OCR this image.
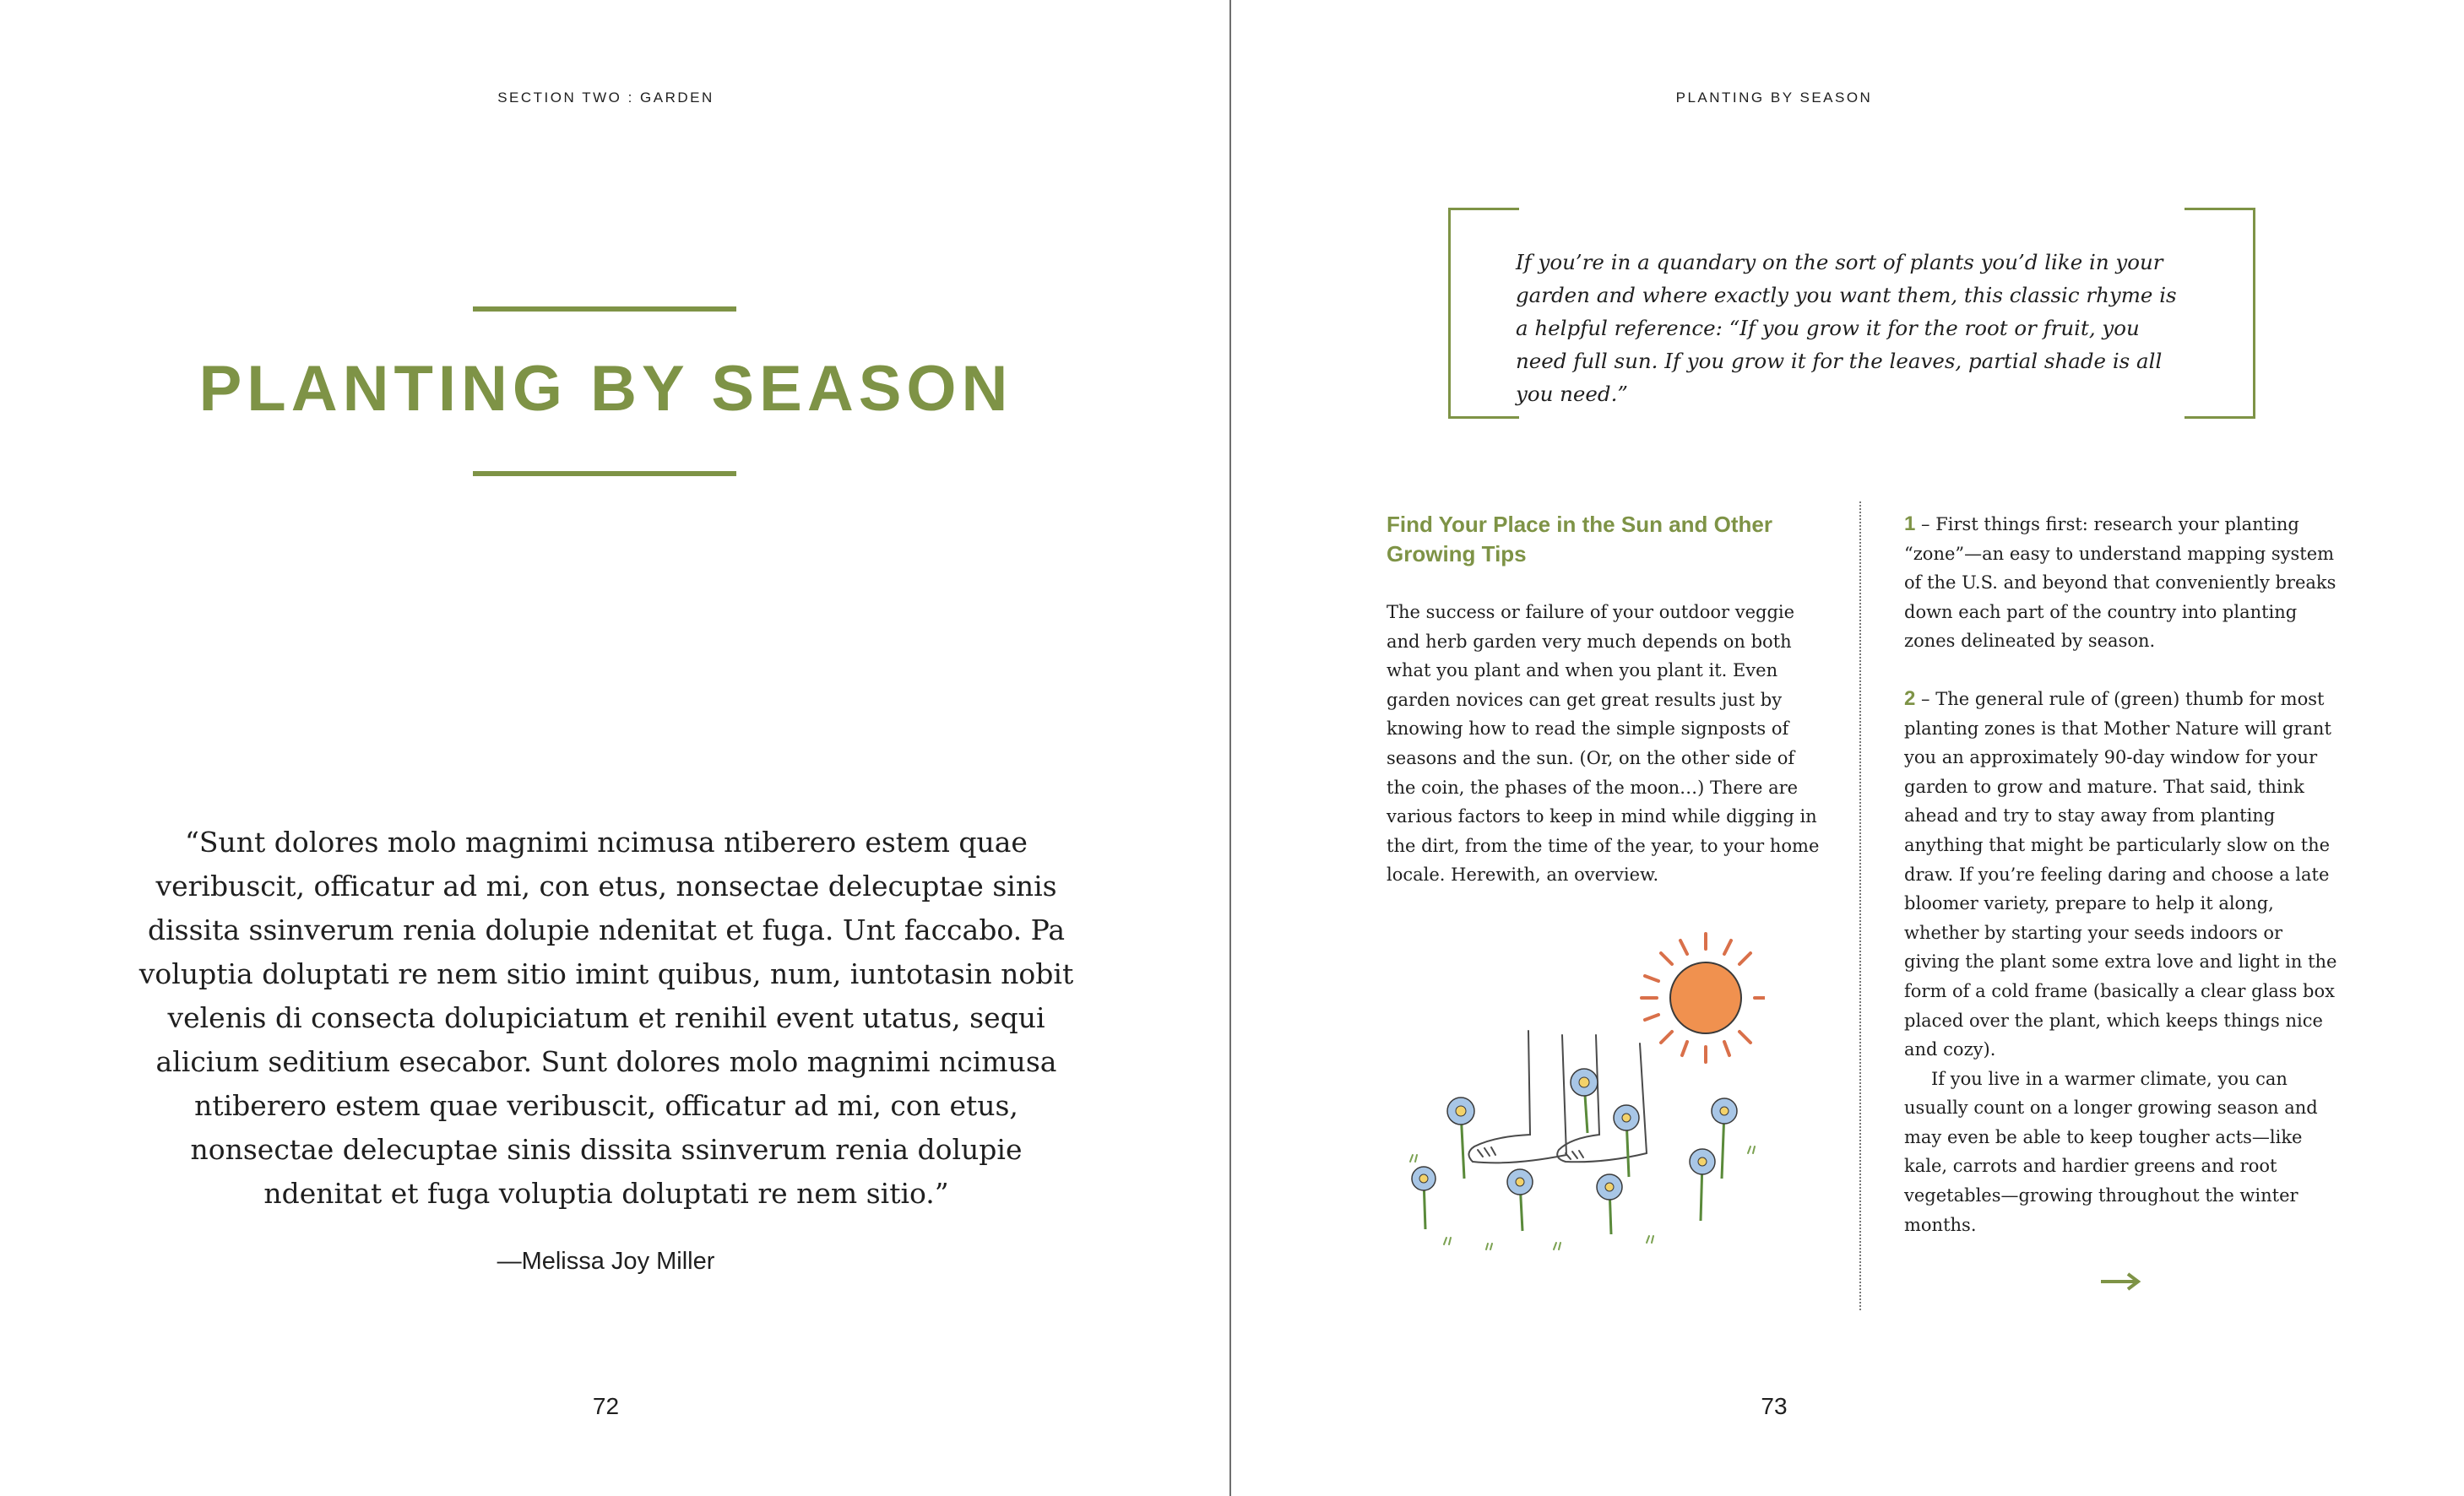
SECTION TWO : GARDEN
PLANTING BY SEASON
“Sunt dolores molo magnimi ncimusa ntiberero estem quae veribuscit, officatur ad mi, con etus, nonsectae delecuptae sinis dissita ssinverum renia dolupie ndenitat et fuga. Unt faccabo. Pa voluptia doluptati re nem sitio imint quibus, num, iuntotasin nobit velenis di consecta dolupiciatum et renihil event utatus, sequi alicium seditium esecabor. Sunt dolores molo magnimi ncimusa ntiberero estem quae veribuscit, officatur ad mi, con etus, nonsectae delecuptae sinis dissita ssinverum renia dolupie ndenitat et fuga voluptia doluptati re nem sitio.”
—Melissa Joy Miller
72
PLANTING BY SEASON
If you’re in a quandary on the sort of plants you’d like in your garden and where exactly you want them, this classic rhyme is a helpful reference: “If you grow it for the root or fruit, you need full sun. If you grow it for the leaves, partial shade is all you need.”
Find Your Place in the Sun and Other Growing Tips

The success or failure of your outdoor veggie and herb garden very much depends on both what you plant and when you plant it. Even garden novices can get great results just by knowing how to read the simple signposts of seasons and the sun. (Or, on the other side of the coin, the phases of the moon…) There are various factors to keep in mind while digging in the dirt, from the time of the year, to your home locale. Herewith, an overview.

1 – First things first: research your planting “zone”—an easy to understand mapping system of the U.S. and beyond that conveniently breaks down each part of the country into planting zones delineated by season.

2 – The general rule of (green) thumb for most planting zones is that Mother Nature will grant you an approximately 90-day window for your garden to grow and mature. That said, think ahead and try to stay away from planting anything that might be particularly slow on the draw. If you’re feeling daring and choose a late bloomer variety, prepare to help it along, whether by starting your seeds indoors or giving the plant some extra love and light in the form of a cold frame (basically a clear glass box placed over the plant, which keeps things nice and cozy).

If you live in a warmer climate, you can usually count on a longer growing season and may even be able to keep tougher acts—like kale, carrots and hardier greens and root vegetables—growing throughout the winter months.

73
